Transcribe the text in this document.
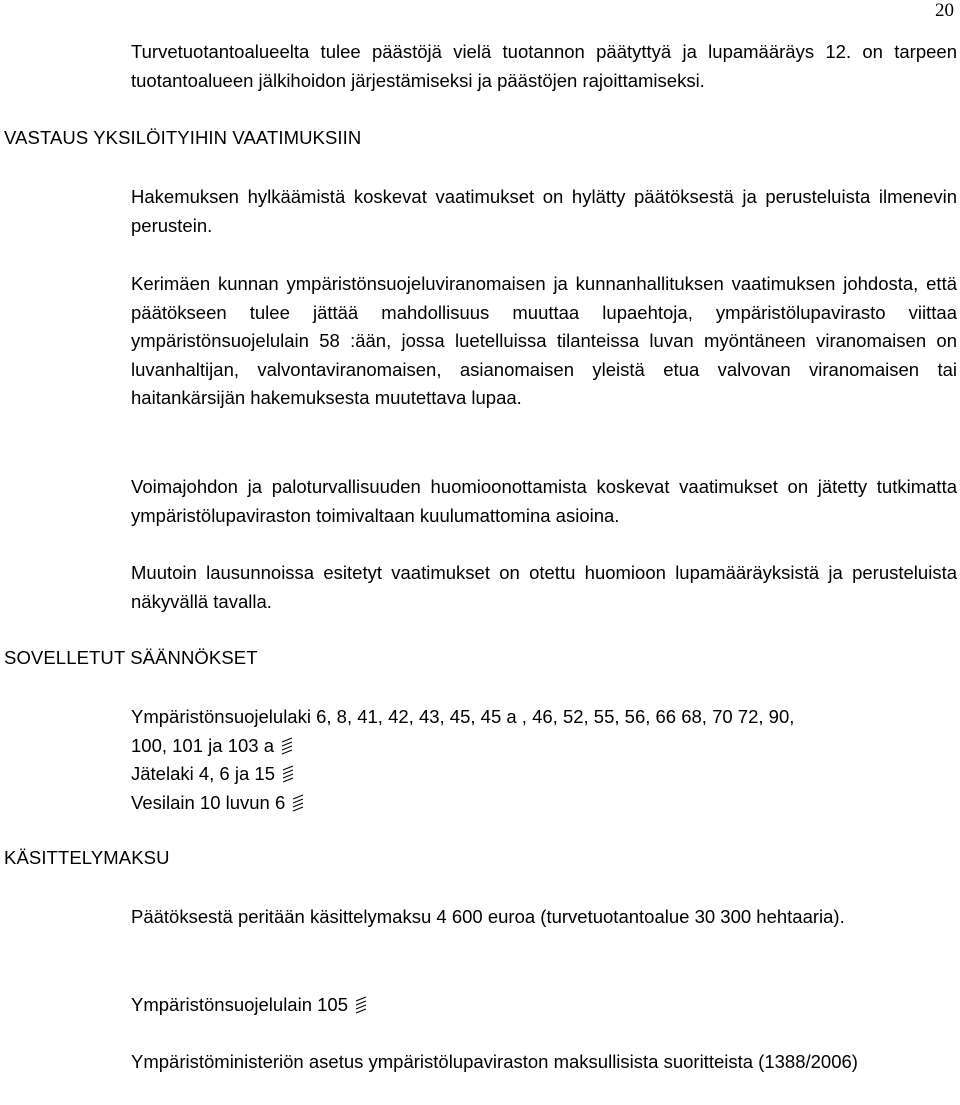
20

Turvetuotantoalueelta tulee päästöjä vielä tuotannon päätyttyä ja lupamääräys 12. on tarpeen tuotantoalueen jälkihoidon järjestämiseksi ja päästöjen rajoittamiseksi.

VASTAUS YKSILÖITYIHIN VAATIMUKSIIN

Hakemuksen hylkäämistä koskevat vaatimukset on hylätty päätöksestä ja perusteluista ilmenevin perustein.

Kerimäen kunnan ympäristönsuojeluviranomaisen ja kunnanhallituksen vaatimuksen johdosta, että päätökseen tulee jättää mahdollisuus muuttaa lupaehtoja, ympäristölupavirasto viittaa ympäristönsuojelulain 58 :ään, jossa luetelluissa tilanteissa luvan myöntäneen viranomaisen on luvanhaltijan, valvontaviranomaisen, asianomaisen yleistä etua valvovan viranomaisen tai haitankärsijän hakemuksesta muutettava lupaa.

Voimajohdon ja paloturvallisuuden huomioonottamista koskevat vaatimukset on jätetty tutkimatta ympäristölupaviraston toimivaltaan kuulumattomina asioina.

Muutoin lausunnoissa esitetyt vaatimukset on otettu huomioon lupamääräyksistä ja perusteluista näkyvällä tavalla.

SOVELLETUT SÄÄNNÖKSET
Ympäristönsuojelulaki 6, 8, 41, 42, 43, 45, 45 a , 46, 52, 55, 56, 66 68, 70 72, 90,
100, 101 ja 103 a
Jätelaki 4, 6 ja 15
Vesilain 10 luvun 6
KÄSITTELYMAKSU

Päätöksestä peritään käsittelymaksu 4 600 euroa (turvetuotantoalue 30 300 hehtaaria).

Ympäristönsuojelulain 105

Ympäristöministeriön asetus ympäristölupaviraston maksullisista suoritteista (1388/2006)
